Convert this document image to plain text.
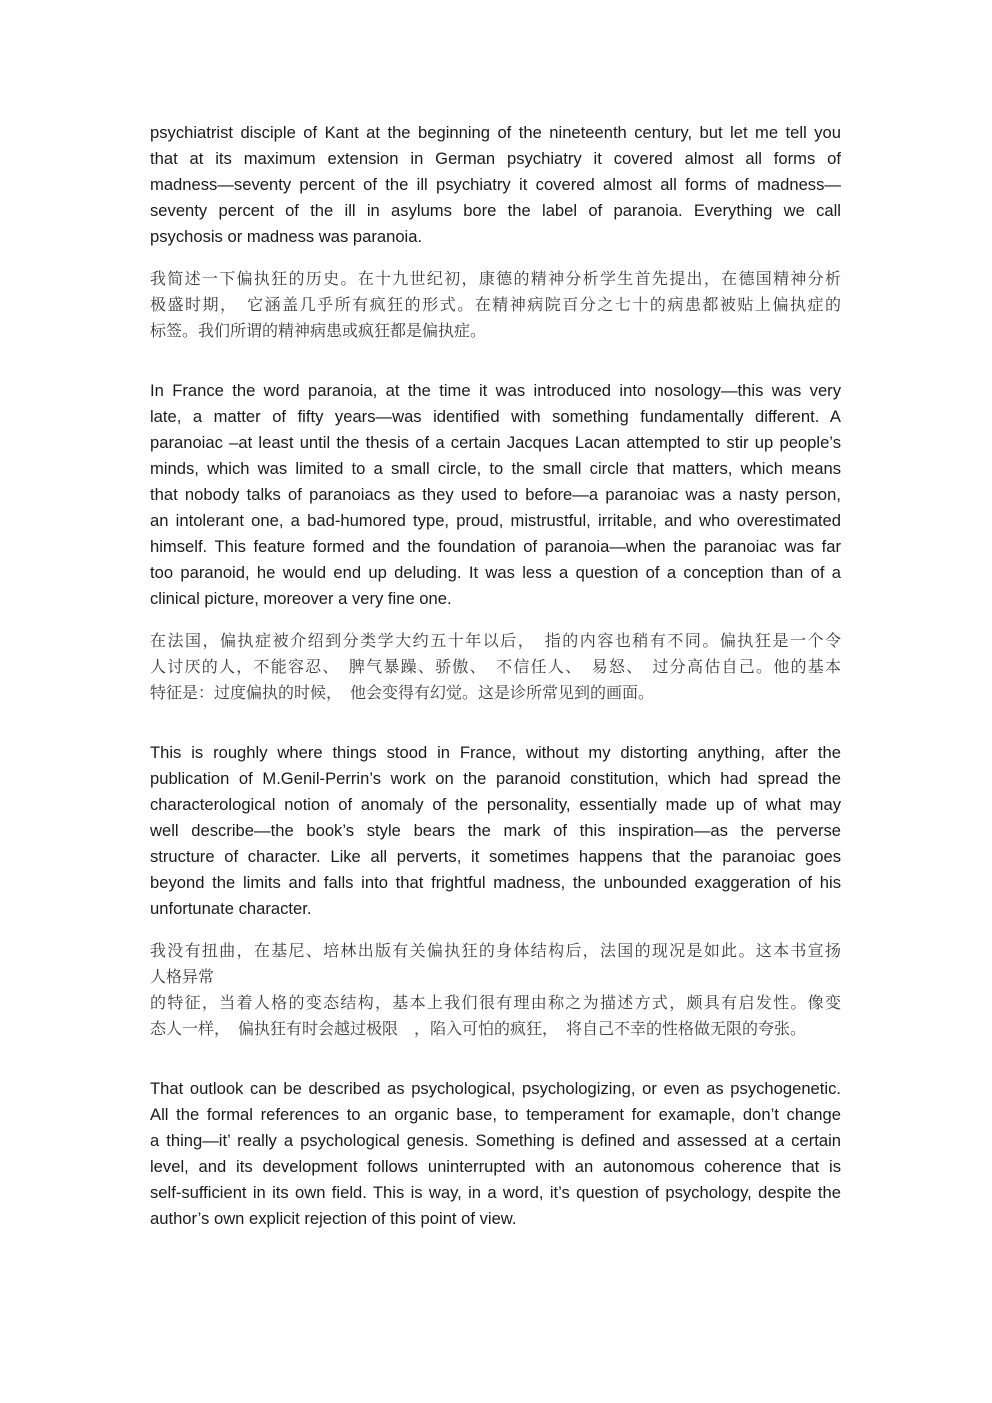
psychiatrist disciple of Kant at the beginning of the nineteenth century, but let me tell you
that at its maximum extension in German psychiatry it covered almost all forms of
madness—seventy percent of the ill psychiatry it covered almost all forms of madness—
seventy percent of the ill in asylums bore the label of paranoia. Everything we call
psychosis or madness was paranoia.

我简述一下偏执狂的历史。在十九世纪初，康德的精神分析学生首先提出，在德国精神分析
极盛时期，　它涵盖几乎所有疯狂的形式。在精神病院百分之七十的病患都被贴上偏执症的
标签。我们所谓的精神病患或疯狂都是偏执症。

In France the word paranoia, at the time it was introduced into nosology—this was very
late, a matter of fifty years—was identified with something fundamentally different. A
paranoiac –at least until the thesis of a certain Jacques Lacan attempted to stir up people’s
minds, which was limited to a small circle, to the small circle that matters, which means
that nobody talks of paranoiacs as they used to before—a paranoiac was a nasty person,
an intolerant one, a bad-humored type, proud, mistrustful, irritable, and who overestimated
himself. This feature formed and the foundation of paranoia—when the paranoiac was far
too paranoid, he would end up deluding. It was less a question of a conception than of a
clinical picture, moreover a very fine one.

在法国，偏执症被介绍到分类学大约五十年以后，　指的内容也稍有不同。偏执狂是一个令
人讨厌的人，不能容忍、　脾气暴躁、骄傲、　不信任人、　易怒、　过分高估自己。他的基本
特征是：过度偏执的时候，　他会变得有幻觉。这是诊所常见到的画面。

This is roughly where things stood in France, without my distorting anything, after the
publication of M.Genil-Perrin’s work on the paranoid constitution, which had spread the
characterological notion of anomaly of the personality, essentially made up of what may
well describe—the book’s style bears the mark of this inspiration—as the perverse
structure of character. Like all perverts, it sometimes happens that the paranoiac goes
beyond the limits and falls into that frightful madness, the unbounded exaggeration of his
unfortunate character.

我没有扭曲，在基尼、培林出版有关偏执狂的身体结构后，法国的现况是如此。这本书宣扬
人格异常
的特征，当着人格的变态结构，基本上我们很有理由称之为描述方式，颇具有启发性。像变
态人一样，　偏执狂有时会越过极限　，陷入可怕的疯狂，　将自己不幸的性格做无限的夸张。

That outlook can be described as psychological, psychologizing, or even as psychogenetic.
All the formal references to an organic base, to temperament for examaple, don’t change
a thing—it’ really a psychological genesis. Something is defined and assessed at a certain
level, and its development follows uninterrupted with an autonomous coherence that is
self-sufficient in its own field. This is way, in a word, it’s question of psychology, despite the
author’s own explicit rejection of this point of view.
